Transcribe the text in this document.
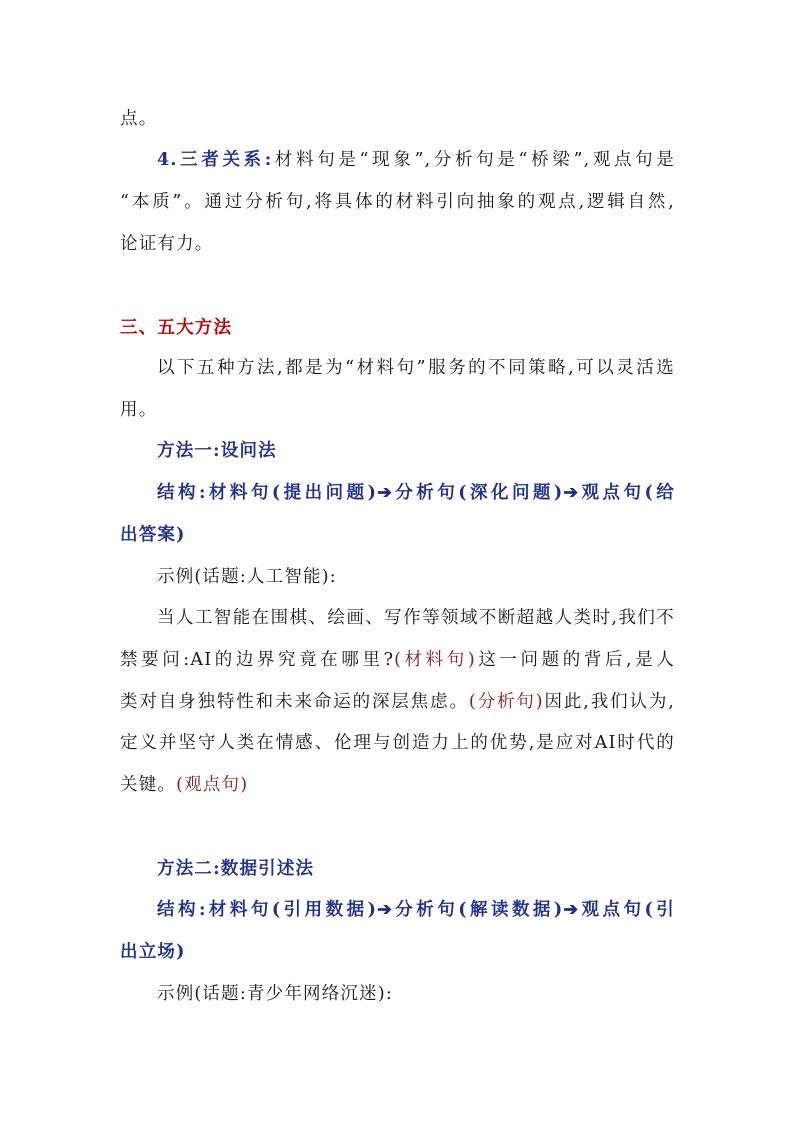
点。
4.三者关系:材料句是“现象”,分析句是“桥梁”,观点句是
“本质”。通过分析句,将具体的材料引向抽象的观点,逻辑自然,
论证有力。
三、五大方法
以下五种方法,都是为“材料句”服务的不同策略,可以灵活选
用。
方法一:设问法
结构:材料句(提出问题)➔分析句(深化问题)➔观点句(给
出答案)
示例(话题:人工智能):
当人工智能在围棋、绘画、写作等领域不断超越人类时,我们不
禁要问:AI的边界究竟在哪里?(材料句)这一问题的背后,是人
类对自身独特性和未来命运的深层焦虑。(分析句)因此,我们认为,
定义并坚守人类在情感、伦理与创造力上的优势,是应对AI时代的
关键。(观点句)
方法二:数据引述法
结构:材料句(引用数据)➔分析句(解读数据)➔观点句(引
出立场)
示例(话题:青少年网络沉迷):
